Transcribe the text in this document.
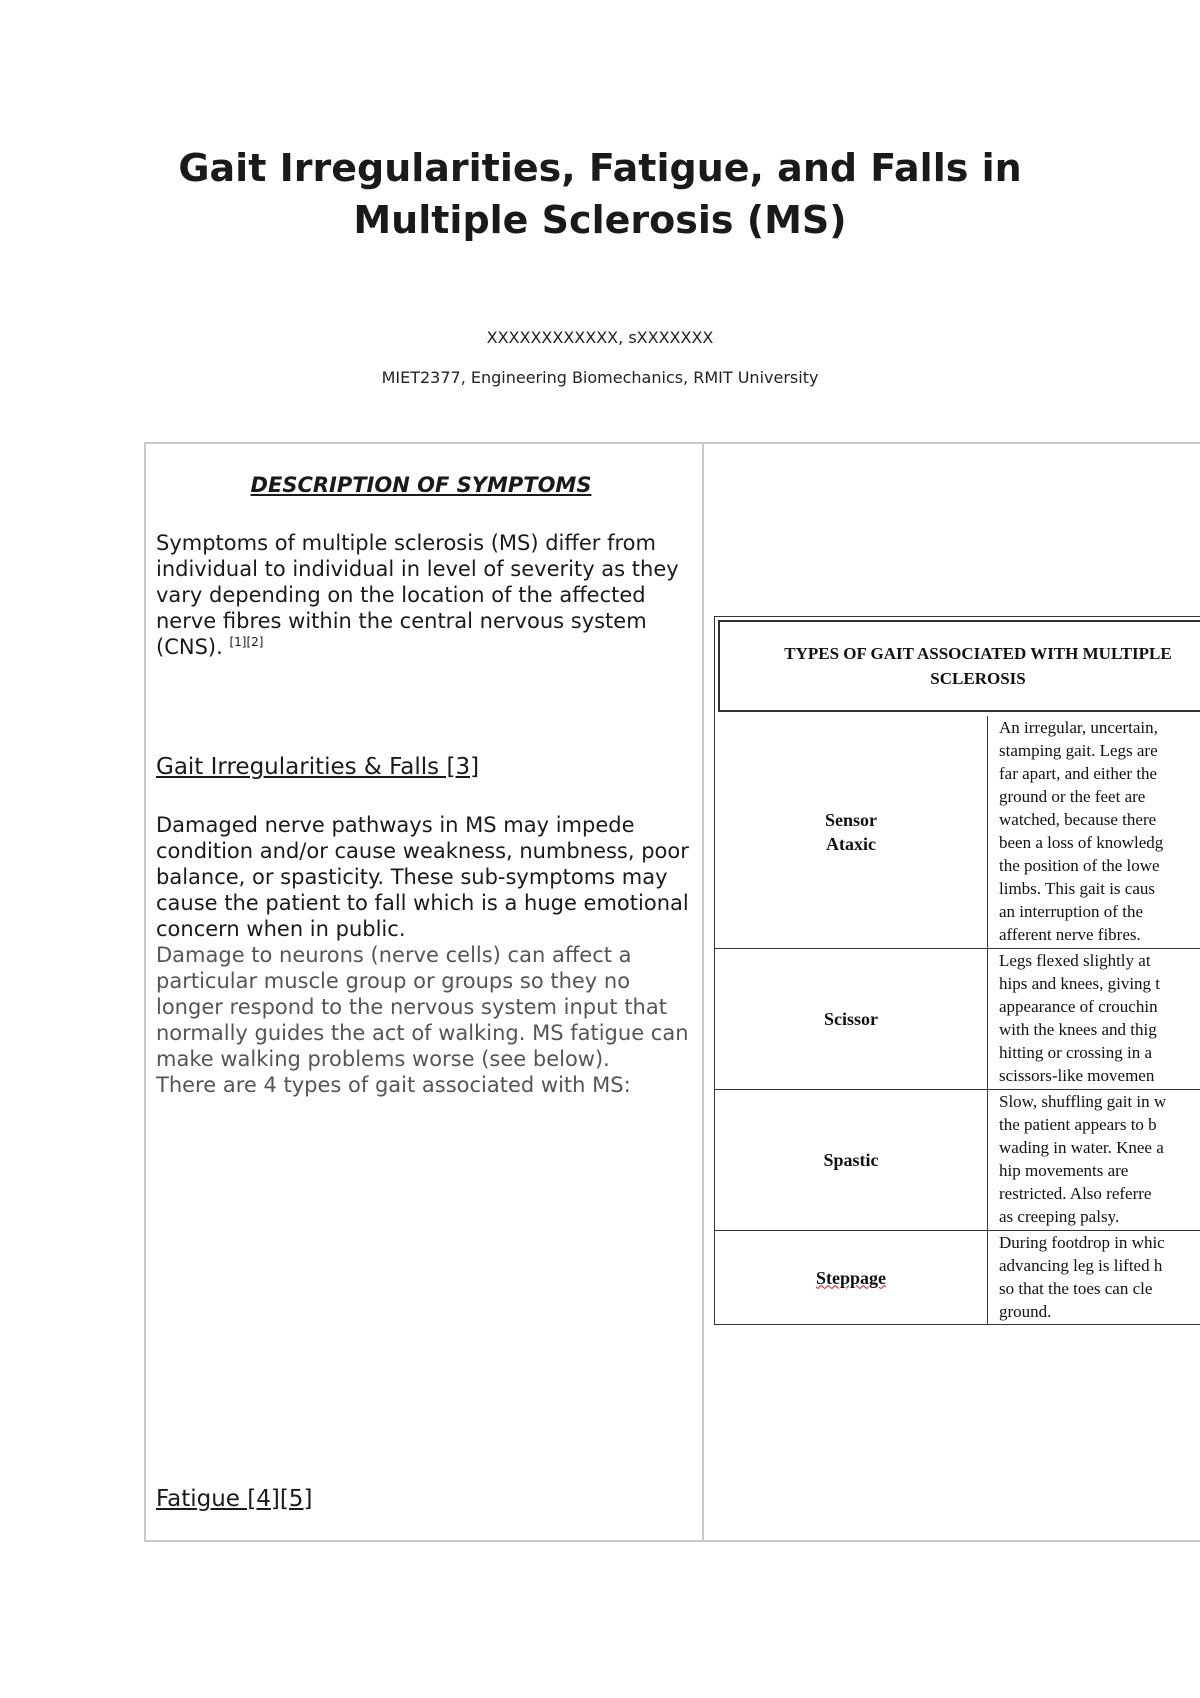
Gait Irregularities, Fatigue, and Falls in
Multiple Sclerosis (MS)
XXXXXXXXXXXX, sXXXXXXX
MIET2377, Engineering Biomechanics, RMIT University
DESCRIPTION OF SYMPTOMS

Symptoms of multiple sclerosis (MS) differ from individual to individual in level of severity as they vary depending on the location of the affected nerve fibres within the central nervous system (CNS). [1][2]

Gait Irregularities & Falls [3]

Damaged nerve pathways in MS may impede condition and/or cause weakness, numbness, poor balance, or spasticity. These sub-symptoms may cause the patient to fall which is a huge emotional concern when in public.
Damage to neurons (nerve cells) can affect a particular muscle group or groups so they no longer respond to the nervous system input that normally guides the act of walking. MS fatigue can make walking problems worse (see below).
There are 4 types of gait associated with MS:

Fatigue [4][5]
TYPES OF GAIT ASSOCIATED WITH MULTIPLE
SCLEROSIS
Sensor
Ataxic
An irregular, uncertain,
stamping gait. Legs are
far apart, and either the
ground or the feet are
watched, because there
been a loss of knowledg
the position of the lowe
limbs. This gait is caus
an interruption of the
afferent nerve fibres.
Scissor
Legs flexed slightly at
hips and knees, giving t
appearance of crouchin
with the knees and thig
hitting or crossing in a
scissors-like movemen
Spastic
Slow, shuffling gait in w
the patient appears to b
wading in water. Knee a
hip movements are
restricted. Also referre
as creeping palsy.
Steppage
During footdrop in whic
advancing leg is lifted h
so that the toes can cle
ground.
